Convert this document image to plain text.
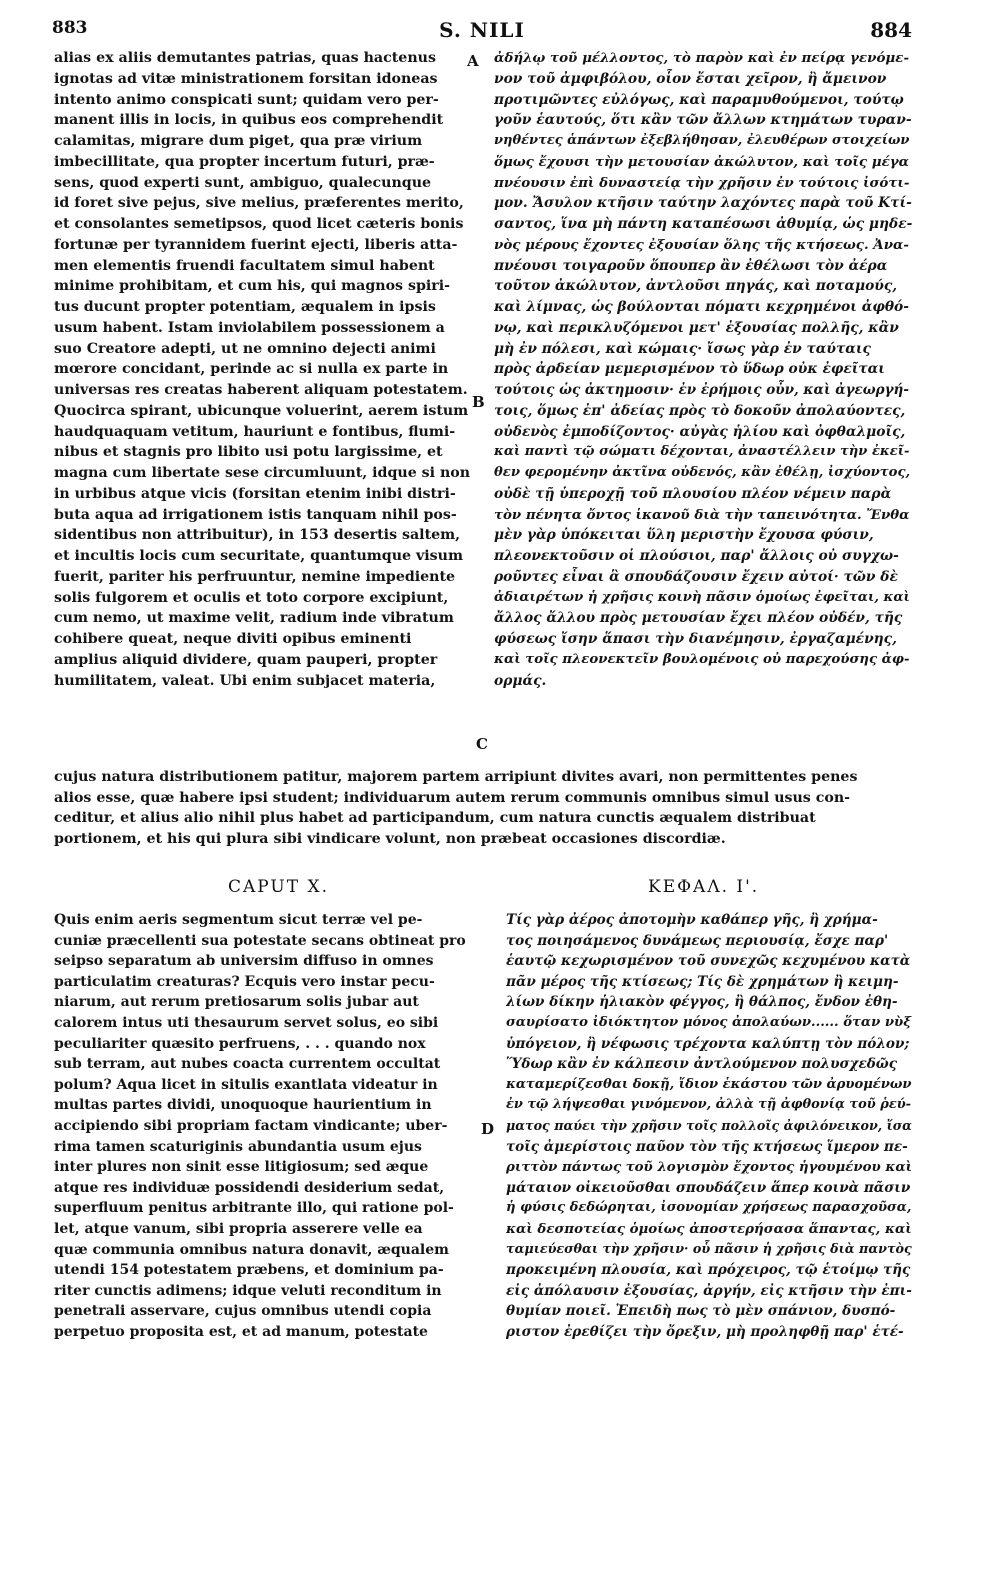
883	S. NILI	884
A
B
C
D
alias ex aliis demutantes patrias, quas hactenus
ignotas ad vitæ ministrationem forsitan idoneas
intento animo conspicati sunt; quidam vero per-
manent illis in locis, in quibus eos comprehendit
calamitas, migrare dum piget, qua præ virium
imbecillitate, qua propter incertum futuri, præ-
sens, quod experti sunt, ambiguo, qualecunque
id foret sive pejus, sive melius, præferentes merito,
et consolantes semetipsos, quod licet cæteris bonis
fortunæ per tyrannidem fuerint ejecti, liberis atta-
men elementis fruendi facultatem simul habent
minime prohibitam, et cum his, qui magnos spiri-
tus ducunt propter potentiam, æqualem in ipsis
usum habent. Istam inviolabilem possessionem a
suo Creatore adepti, ut ne omnino dejecti animi
mœrore concidant, perinde ac si nulla ex parte in
universas res creatas haberent aliquam potestatem.
Quocirca spirant, ubicunque voluerint, aerem istum
haudquaquam vetitum, hauriunt e fontibus, flumi-
nibus et stagnis pro libito usi potu largissime, et
magna cum libertate sese circumluunt, idque si non
in urbibus atque vicis (forsitan etenim inibi distri-
buta aqua ad irrigationem istis tanquam nihil pos-
sidentibus non attribuitur), in 153 desertis saltem,
et incultis locis cum securitate, quantumque visum
fuerit, pariter his perfruuntur, nemine impediente
solis fulgorem et oculis et toto corpore excipiunt,
cum nemo, ut maxime velit, radium inde vibratum
cohibere queat, neque diviti opibus eminenti
amplius aliquid dividere, quam pauperi, propter
humilitatem, valeat. Ubi enim subjacet materia,
ἀδήλῳ τοῦ μέλλοντος, τὸ παρὸν καὶ ἐν πείρᾳ γενόμε-
νον τοῦ ἀμφιβόλου, οἷον ἔσται χεῖρον, ἢ ἄμεινον
προτιμῶντες εὐλόγως, καὶ παραμυθούμενοι, τούτῳ
γοῦν ἑαυτούς, ὅτι κἂν τῶν ἄλλων κτημάτων τυραν-
νηθέντες ἁπάντων ἐξεβλήθησαν, ἐλευθέρων στοιχείων
ὅμως ἔχουσι τὴν μετουσίαν ἀκώλυτον, καὶ τοῖς μέγα
πνέουσιν ἐπὶ δυναστείᾳ τὴν χρῆσιν ἐν τούτοις ἰσότι-
μον. Ἄσυλον κτῆσιν ταύτην λαχόντες παρὰ τοῦ Κτί-
σαντος, ἵνα μὴ πάντη καταπέσωσι ἀθυμίᾳ, ὡς μηδε-
νὸς μέρους ἔχοντες ἐξουσίαν ὅλης τῆς κτήσεως. Ἀνα-
πνέουσι τοιγαροῦν ὅπουπερ ἂν ἐθέλωσι τὸν ἀέρα
τοῦτον ἀκώλυτον, ἀντλοῦσι πηγάς, καὶ ποταμούς,
καὶ λίμνας, ὡς βούλονται πόματι κεχρημένοι ἀφθό-
νῳ, καὶ περικλυζόμενοι μετ' ἐξουσίας πολλῆς, κἂν
μὴ ἐν πόλεσι, καὶ κώμαις· ἴσως γὰρ ἐν ταύταις
πρὸς ἀρδείαν μεμερισμένον τὸ ὕδωρ οὐκ ἐφεῖται
τούτοις ὡς ἀκτημοσιν· ἐν ἐρήμοις οὖν, καὶ ἀγεωργή-
τοις, ὅμως ἐπ' ἀδείας πρὸς τὸ δοκοῦν ἀπολαύοντες,
οὐδενὸς ἐμποδίζοντος· αὐγὰς ἡλίου καὶ ὀφθαλμοῖς,
καὶ παντὶ τῷ σώματι δέχονται, ἀναστέλλειν τὴν ἐκεῖ-
θεν φερομένην ἀκτῖνα οὐδενός, κἂν ἐθέλῃ, ἰσχύοντος,
οὐδὲ τῇ ὑπεροχῇ τοῦ πλουσίου πλέον νέμειν παρὰ
τὸν πένητα ὄντος ἱκανοῦ διὰ τὴν ταπεινότητα. Ἔνθα
μὲν γὰρ ὑπόκειται ὕλη μεριστὴν ἔχουσα φύσιν,
πλεονεκτοῦσιν οἱ πλούσιοι, παρ' ἄλλοις οὐ συγχω-
ροῦντες εἶναι ἃ σπουδάζουσιν ἔχειν αὐτοί· τῶν δὲ
ἀδιαιρέτων ἡ χρῆσις κοινὴ πᾶσιν ὁμοίως ἐφεῖται, καὶ
ἄλλος ἄλλου πρὸς μετουσίαν ἔχει πλέον οὐδέν, τῆς
φύσεως ἴσην ἅπασι τὴν διανέμησιν, ἐργαζαμένης,
καὶ τοῖς πλεονεκτεῖν βουλομένοις οὐ παρεχούσης ἀφ-
ορμάς.
cujus natura distributionem patitur, majorem partem arripiunt divites avari, non permittentes penes
alios esse, quæ habere ipsi student; individuarum autem rerum communis omnibus simul usus con-
ceditur, et alius alio nihil plus habet ad participandum, cum natura cunctis æqualem distribuat
portionem, et his qui plura sibi vindicare volunt, non præbeat occasiones discordiæ.
CAPUT X.	ΚΕΦΑΛ. Ι'.
Quis enim aeris segmentum sicut terræ vel pe-
cuniæ præcellenti sua potestate secans obtineat pro
seipso separatum ab universim diffuso in omnes
particulatim creaturas? Ecquis vero instar pecu-
niarum, aut rerum pretiosarum solis jubar aut
calorem intus uti thesaurum servet solus, eo sibi
peculiariter quæsito perfruens, . . . quando nox
sub terram, aut nubes coacta currentem occultat
polum? Aqua licet in situlis exantlata videatur in
multas partes dividi, unoquoque haurientium in
accipiendo sibi propriam factam vindicante; uber-
rima tamen scaturiginis abundantia usum ejus
inter plures non sinit esse litigiosum; sed æque
atque res individuæ possidendi desiderium sedat,
superfluum penitus arbitrante illo, qui ratione pol-
let, atque vanum, sibi propria asserere velle ea
quæ communia omnibus natura donavit, æqualem
utendi 154 potestatem præbens, et dominium pa-
riter cunctis adimens; idque veluti reconditum in
penetrali asservare, cujus omnibus utendi copia
perpetuo proposita est, et ad manum, potestate
Τίς γὰρ ἀέρος ἀποτομὴν καθάπερ γῆς, ἢ χρήμα-
τος ποιησάμενος δυνάμεως περιουσίᾳ, ἔσχε παρ'
ἑαυτῷ κεχωρισμένον τοῦ συνεχῶς κεχυμένου κατὰ
πᾶν μέρος τῆς κτίσεως; Τίς δὲ χρημάτων ἢ κειμη-
λίων δίκην ἡλιακὸν φέγγος, ἢ θάλπος, ἔνδον ἐθη-
σαυρίσατο ἰδιόκτητον μόνος ἀπολαύων...... ὅταν νὺξ
ὑπόγειον, ἢ νέφωσις τρέχοντα καλύπτῃ τὸν πόλον;
Ὕδωρ κἂν ἐν κάλπεσιν ἀντλούμενον πολυσχεδῶς
καταμερίζεσθαι δοκῇ, ἴδιον ἑκάστου τῶν ἀρυομένων
ἐν τῷ λήψεσθαι γινόμενον, ἀλλὰ τῇ ἀφθονίᾳ τοῦ ῥεύ-
ματος παύει τὴν χρῆσιν τοῖς πολλοῖς ἀφιλόνεικον, ἴσα
τοῖς ἀμερίστοις παῦον τὸν τῆς κτήσεως ἵμερον πε-
ριττὸν πάντως τοῦ λογισμὸν ἔχοντος ἡγουμένου καὶ
μάταιον οἰκειοῦσθαι σπουδάζειν ἅπερ κοινὰ πᾶσιν
ἡ φύσις δεδώρηται, ἰσονομίαν χρήσεως παρασχοῦσα,
καὶ δεσποτείας ὁμοίως ἀποστερήσασα ἅπαντας, καὶ
ταμιεύεσθαι τὴν χρῆσιν· οὗ πᾶσιν ἡ χρῆσις διὰ παντὸς
προκειμένη πλουσία, καὶ πρόχειρος, τῷ ἑτοίμῳ τῆς
εἰς ἀπόλαυσιν ἐξουσίας, ἀργήν, εἰς κτῆσιν τὴν ἐπι-
θυμίαν ποιεῖ. Ἐπειδὴ πως τὸ μὲν σπάνιον, δυσπό-
ριστον ἐρεθίζει τὴν ὄρεξιν, μὴ προληφθῇ παρ' ἑτέ-
